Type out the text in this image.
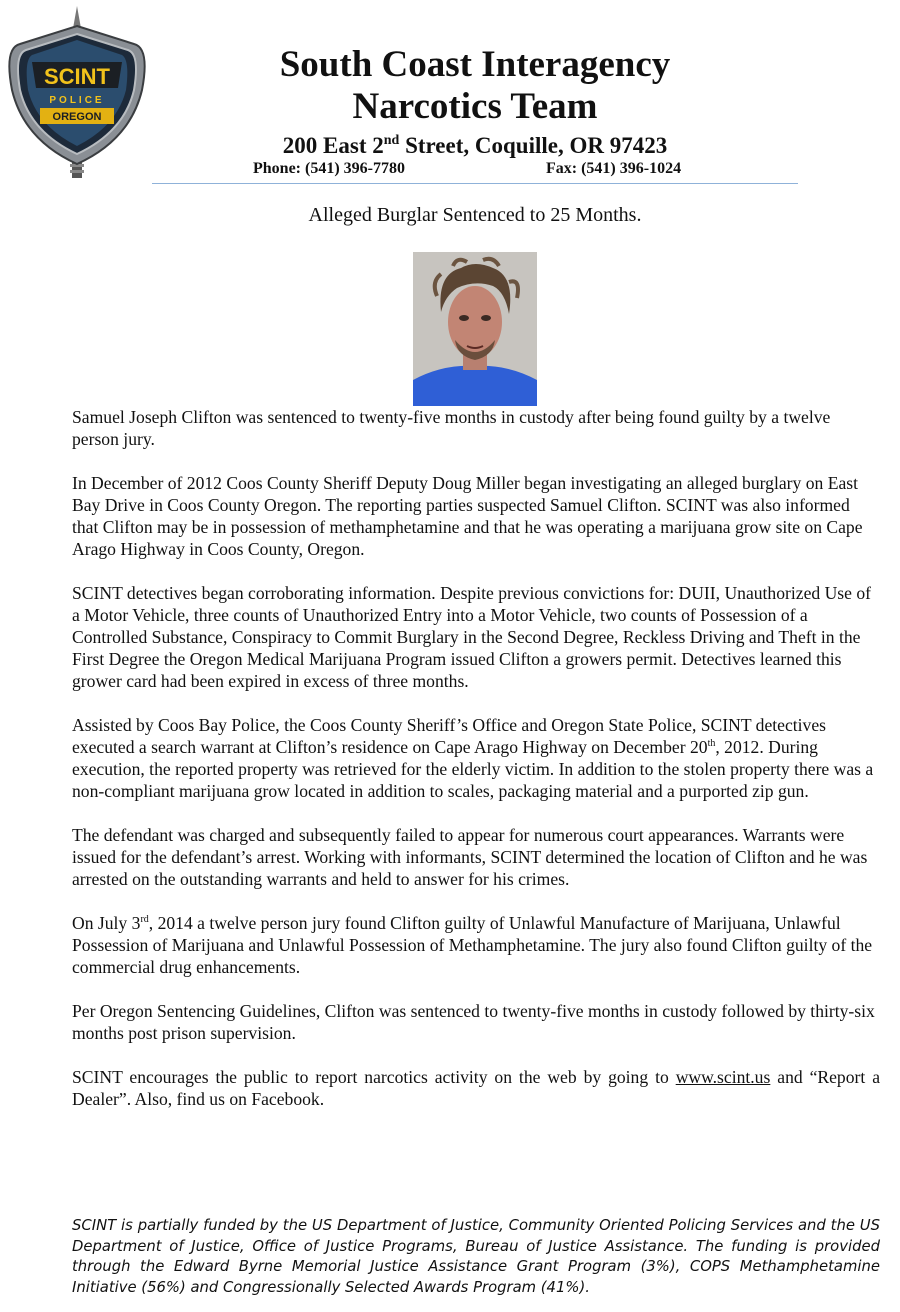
SCINT
POLICE
OREGON
South Coast Interagency
Narcotics Team
200 East 2nd Street, Coquille, OR 97423
Phone: (541) 396-7780	Fax: (541) 396-1024
Alleged Burglar Sentenced to 25 Months.

Samuel Joseph Clifton was sentenced to twenty-five months in custody after being found guilty by a twelve person jury.

In December of 2012 Coos County Sheriff Deputy Doug Miller began investigating an alleged burglary on East Bay Drive in Coos County Oregon. The reporting parties suspected Samuel Clifton. SCINT was also informed that Clifton may be in possession of methamphetamine and that he was operating a marijuana grow site on Cape Arago Highway in Coos County, Oregon.

SCINT detectives began corroborating information. Despite previous convictions for: DUII, Unauthorized Use of a Motor Vehicle, three counts of Unauthorized Entry into a Motor Vehicle, two counts of Possession of a Controlled Substance, Conspiracy to Commit Burglary in the Second Degree, Reckless Driving and Theft in the First Degree the Oregon Medical Marijuana Program issued Clifton a growers permit. Detectives learned this grower card had been expired in excess of three months.

Assisted by Coos Bay Police, the Coos County Sheriff’s Office and Oregon State Police, SCINT detectives executed a search warrant at Clifton’s residence on Cape Arago Highway on December 20th, 2012. During execution, the reported property was retrieved for the elderly victim. In addition to the stolen property there was a non-compliant marijuana grow located in addition to scales, packaging material and a purported zip gun.

The defendant was charged and subsequently failed to appear for numerous court appearances. Warrants were issued for the defendant’s arrest. Working with informants, SCINT determined the location of Clifton and he was arrested on the outstanding warrants and held to answer for his crimes.

On July 3rd, 2014 a twelve person jury found Clifton guilty of Unlawful Manufacture of Marijuana, Unlawful Possession of Marijuana and Unlawful Possession of Methamphetamine. The jury also found Clifton guilty of the commercial drug enhancements.

Per Oregon Sentencing Guidelines, Clifton was sentenced to twenty-five months in custody followed by thirty-six months post prison supervision.

SCINT encourages the public to report narcotics activity on the web by going to www.scint.us and “Report a Dealer”. Also, find us on Facebook.

SCINT is partially funded by the US Department of Justice, Community Oriented Policing Services and the US Department of Justice, Office of Justice Programs, Bureau of Justice Assistance. The funding is provided through the Edward Byrne Memorial Justice Assistance Grant Program (3%), COPS Methamphetamine Initiative (56%) and Congressionally Selected Awards Program (41%).
